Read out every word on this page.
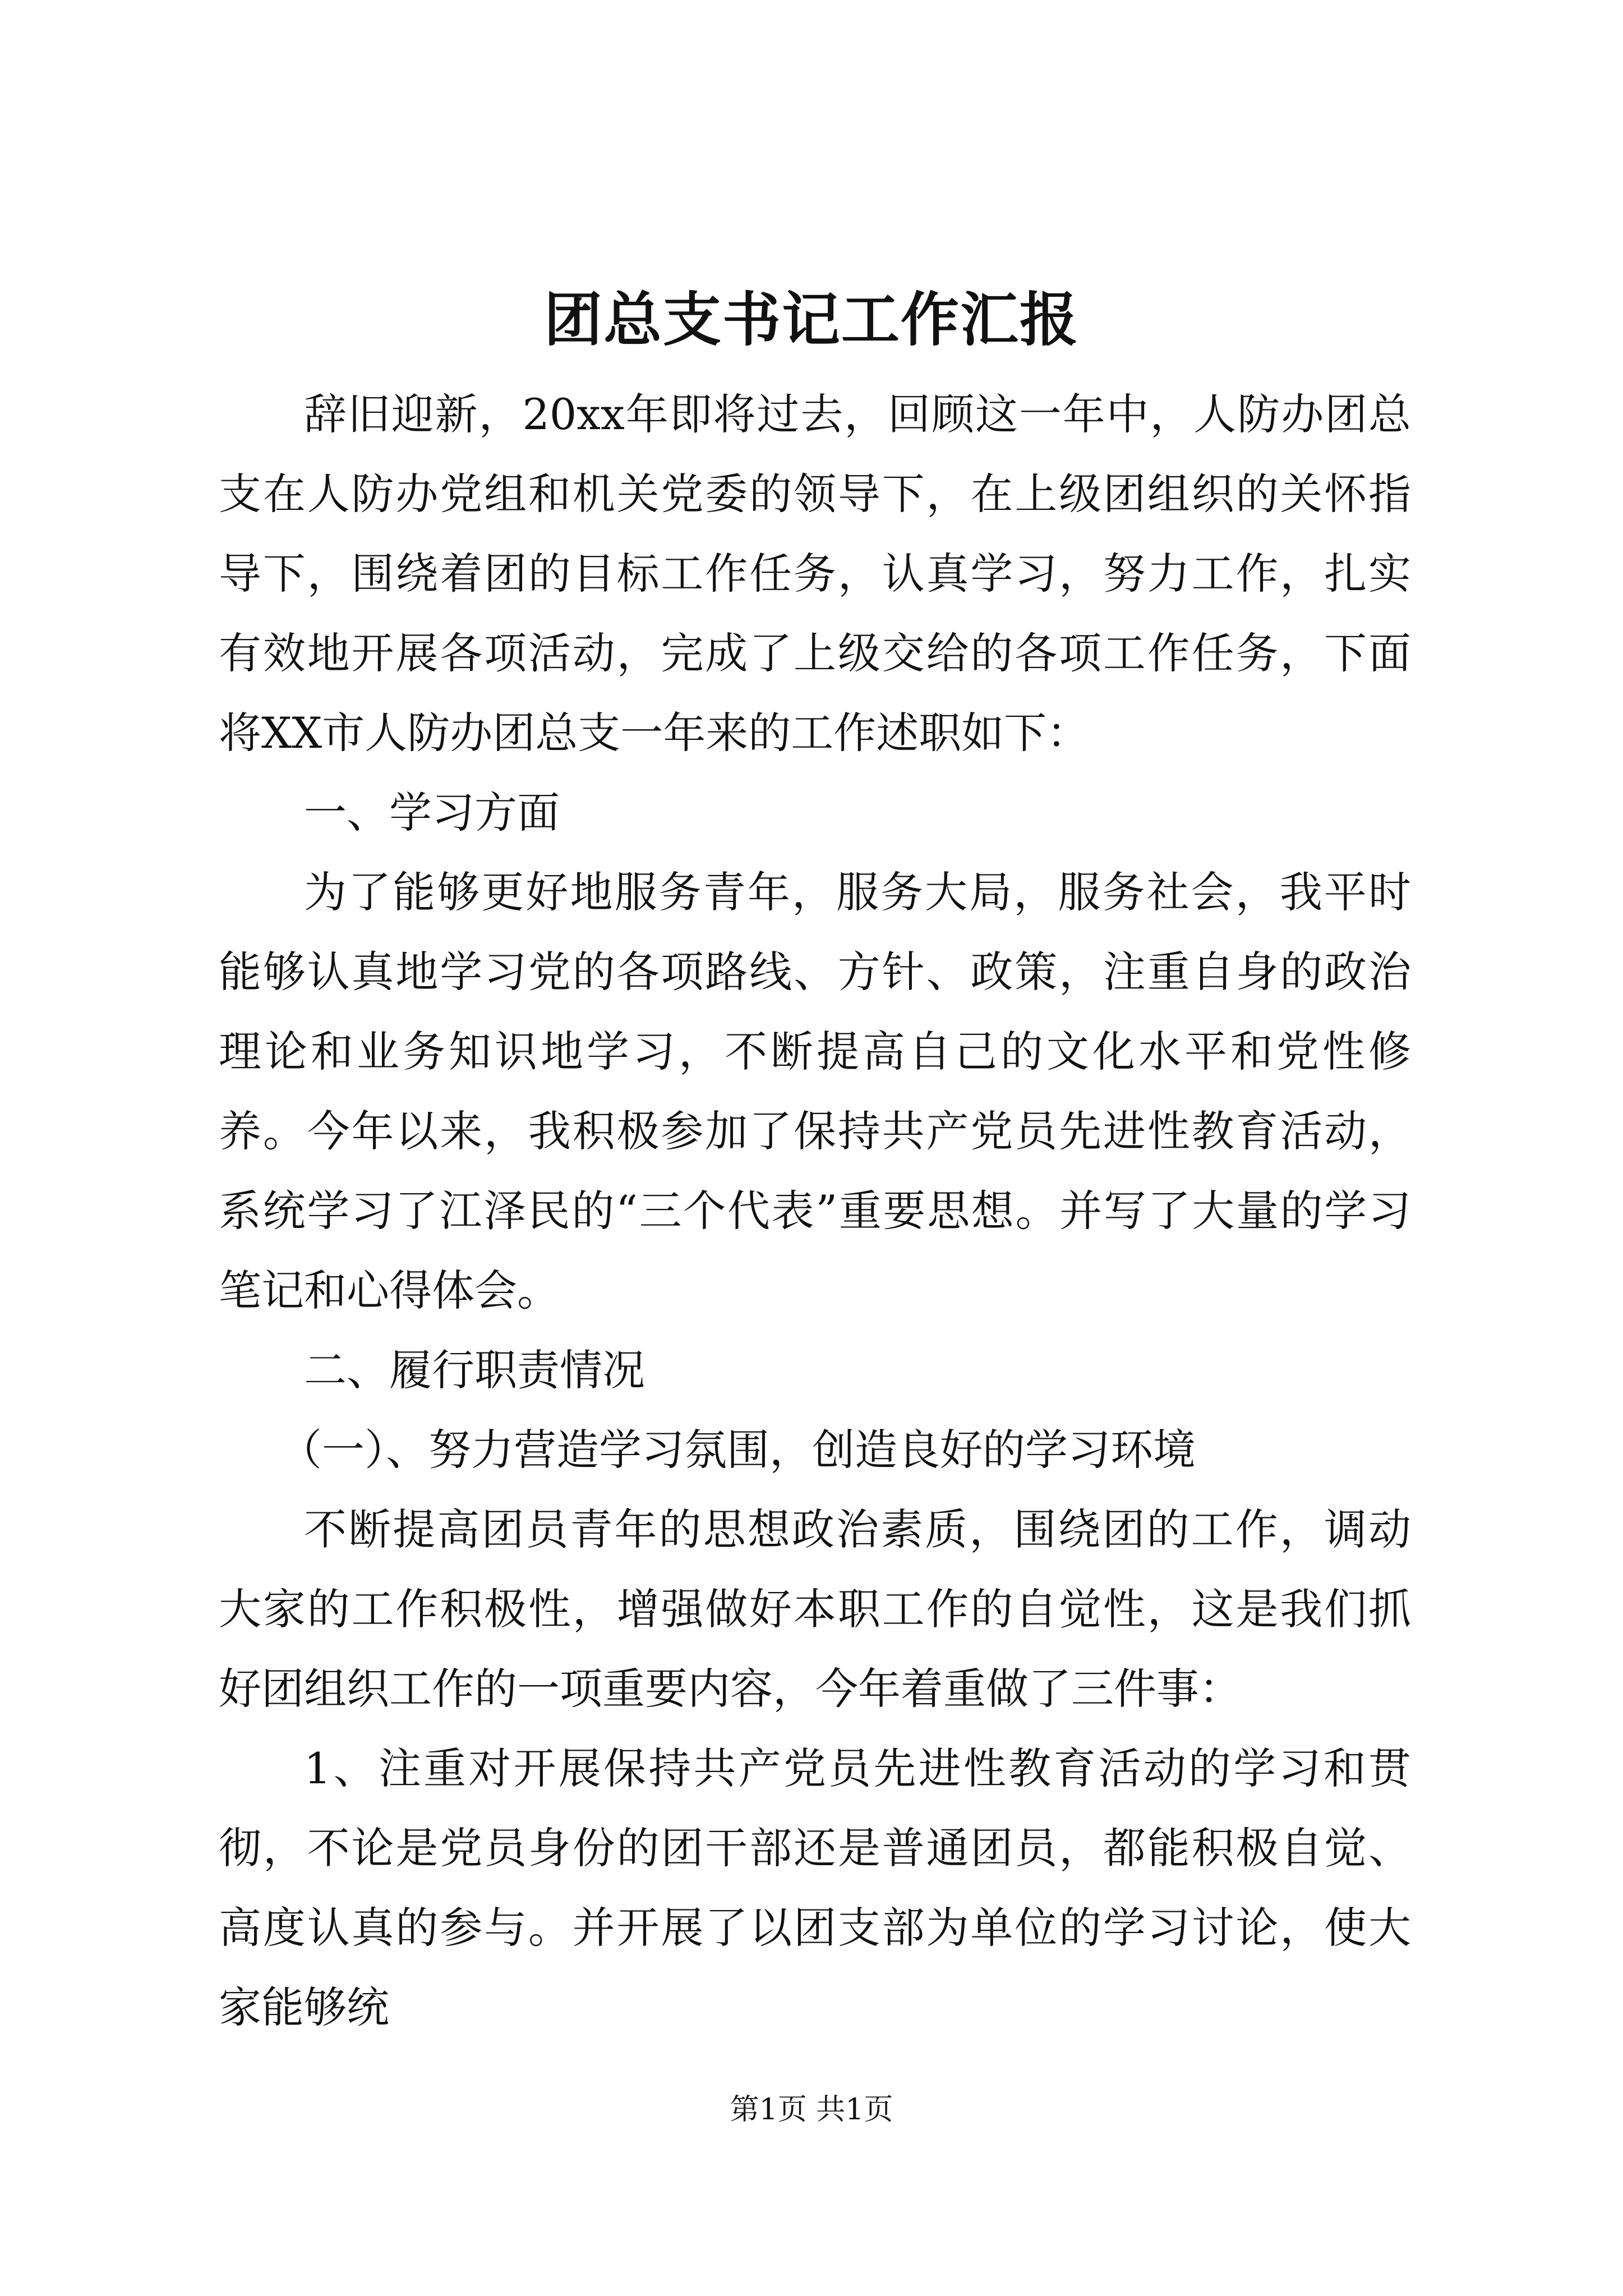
团总支书记工作汇报

辞旧迎新，20xx年即将过去，回顾这一年中，人防办团总支在人防办党组和机关党委的领导下，在上级团组织的关怀指导下，围绕着团的目标工作任务，认真学习，努力工作，扎实有效地开展各项活动，完成了上级交给的各项工作任务，下面将XX市人防办团总支一年来的工作述职如下：

一、学习方面

为了能够更好地服务青年，服务大局，服务社会，我平时能够认真地学习党的各项路线、方针、政策，注重自身的政治理论和业务知识地学习，不断提高自己的文化水平和党性修养。今年以来，我积极参加了保持共产党员先进性教育活动，系统学习了江泽民的“三个代表”重要思想。并写了大量的学习笔记和心得体会。

二、履行职责情况

（一）、努力营造学习氛围，创造良好的学习环境

不断提高团员青年的思想政治素质，围绕团的工作，调动大家的工作积极性，增强做好本职工作的自觉性，这是我们抓好团组织工作的一项重要内容，今年着重做了三件事：

1、注重对开展保持共产党员先进性教育活动的学习和贯彻，不论是党员身份的团干部还是普通团员，都能积极自觉、高度认真的参与。并开展了以团支部为单位的学习讨论，使大家能够统

第1页 共1页
